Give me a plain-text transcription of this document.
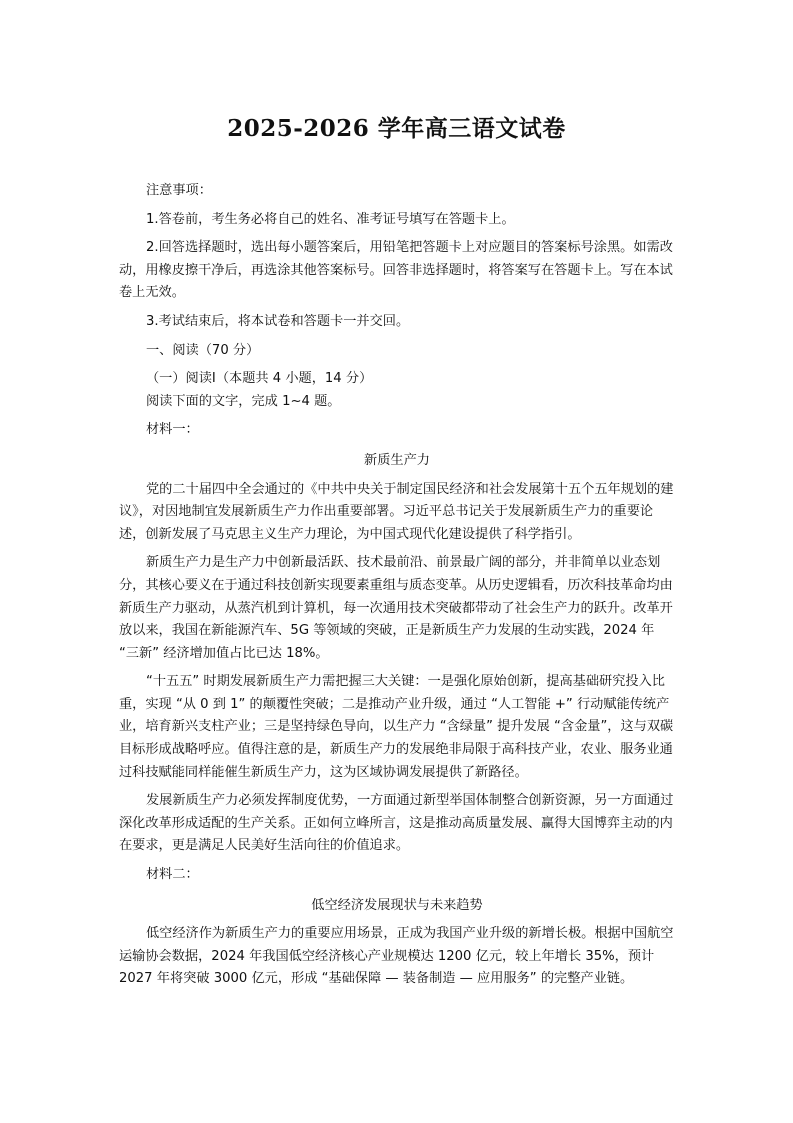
2025-2026 学年高三语文试卷

注意事项：

1.答卷前，考生务必将自己的姓名、准考证号填写在答题卡上。

2.回答选择题时，选出每小题答案后，用铅笔把答题卡上对应题目的答案标号涂黑。如需改动，用橡皮擦干净后，再选涂其他答案标号。回答非选择题时，将答案写在答题卡上。写在本试卷上无效。

3.考试结束后，将本试卷和答题卡一并交回。

一、阅读（70 分）

（一）阅读Ⅰ（本题共 4 小题，14 分）

阅读下面的文字，完成 1~4 题。

材料一：

新质生产力

党的二十届四中全会通过的《中共中央关于制定国民经济和社会发展第十五个五年规划的建议》，对因地制宜发展新质生产力作出重要部署。习近平总书记关于发展新质生产力的重要论述，创新发展了马克思主义生产力理论，为中国式现代化建设提供了科学指引。

新质生产力是生产力中创新最活跃、技术最前沿、前景最广阔的部分，并非简单以业态划分，其核心要义在于通过科技创新实现要素重组与质态变革。从历史逻辑看，历次科技革命均由新质生产力驱动，从蒸汽机到计算机，每一次通用技术突破都带动了社会生产力的跃升。改革开放以来，我国在新能源汽车、5G 等领域的突破，正是新质生产力发展的生动实践，2024 年 “三新” 经济增加值占比已达 18%。

“十五五” 时期发展新质生产力需把握三大关键：一是强化原始创新，提高基础研究投入比重，实现 “从 0 到 1” 的颠覆性突破；二是推动产业升级，通过 “人工智能 +” 行动赋能传统产业，培育新兴支柱产业；三是坚持绿色导向，以生产力 “含绿量” 提升发展 “含金量”，这与双碳目标形成战略呼应。值得注意的是，新质生产力的发展绝非局限于高科技产业，农业、服务业通过科技赋能同样能催生新质生产力，这为区域协调发展提供了新路径。

发展新质生产力必须发挥制度优势，一方面通过新型举国体制整合创新资源，另一方面通过深化改革形成适配的生产关系。正如何立峰所言，这是推动高质量发展、赢得大国博弈主动的内在要求，更是满足人民美好生活向往的价值追求。

材料二：

低空经济发展现状与未来趋势

低空经济作为新质生产力的重要应用场景，正成为我国产业升级的新增长极。根据中国航空运输协会数据，2024 年我国低空经济核心产业规模达 1200 亿元，较上年增长 35%，预计 2027 年将突破 3000 亿元，形成 “基础保障 — 装备制造 — 应用服务” 的完整产业链。
